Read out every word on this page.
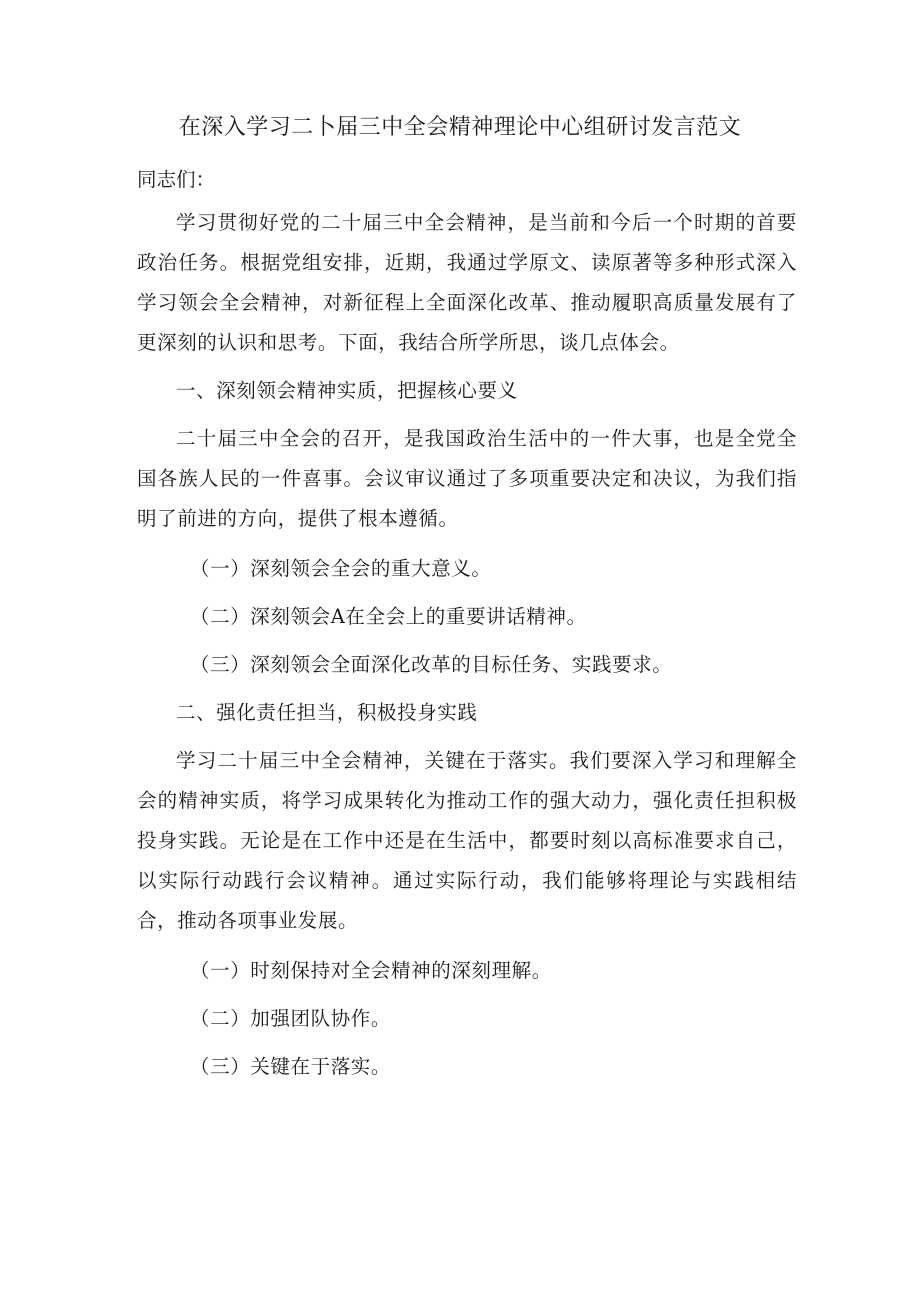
在深入学习二卜届三中全会精神理论中心组研讨发言范文

同志们：

学习贯彻好党的二十届三中全会精神，是当前和今后一个时期的首要政治任务。根据党组安排，近期，我通过学原文、读原著等多种形式深入学习领会全会精神，对新征程上全面深化改革、推动履职高质量发展有了更深刻的认识和思考。下面，我结合所学所思，谈几点体会。

一、深刻领会精神实质，把握核心要义

二十届三中全会的召开，是我国政治生活中的一件大事，也是全党全国各族人民的一件喜事。会议审议通过了多项重要决定和决议，为我们指明了前进的方向，提供了根本遵循。

（一）深刻领会全会的重大意义。

（二）深刻领会A在全会上的重要讲话精神。

（三）深刻领会全面深化改革的目标任务、实践要求。

二、强化责任担当，积极投身实践

学习二十届三中全会精神，关键在于落实。我们要深入学习和理解全会的精神实质，将学习成果转化为推动工作的强大动力，强化责任担积极投身实践。无论是在工作中还是在生活中，都要时刻以高标准要求自己，以实际行动践行会议精神。通过实际行动，我们能够将理论与实践相结合，推动各项事业发展。

（一）时刻保持对全会精神的深刻理解。

（二）加强团队协作。

（三）关键在于落实。
